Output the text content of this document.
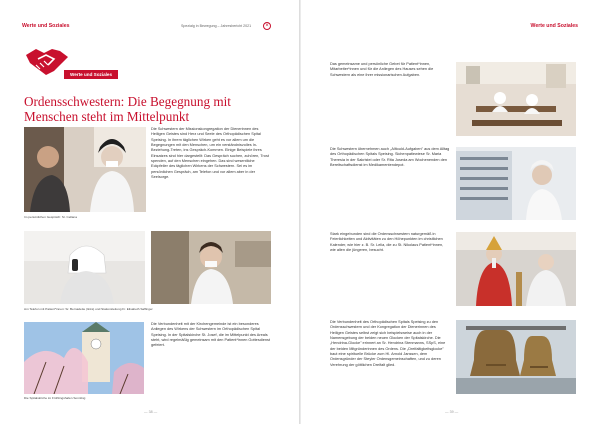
Werte und Soziales	Spezialg in Bewegung – Jahresbericht 2021	×
Werte und Soziales
Ordensschwestern: Die Begegnung mit Menschen steht im Mittelpunkt
Im persönlichen Gespräch: Sr. Cellana
Die Schwestern der Missionskongregation der Dienerinnen des Heiligen Geistes sind Herz und Seele des Orthopädischen Spital Speising. In ihrem täglichen Wirken geht es vor allem um die Begegnungen mit den Menschen, um ein verständnisvolles In-Beziehung-Treten, ins Gespräch-Kommen. Einige Beispiele ihres Einsatzes sind hier dargestellt: Das Gespräch suchen, zuhören, Trost spenden, auf den Menschen eingehen. Das sind wesentliche Eckpfeiler des täglichen Wirkens der Schwestern. Sei es im persönlichen Gespräch, am Telefon und vor allem aber in der Seelsorge.
Am Telefon mit Patient*innen: Sr. Bernadette (links) und Stationsleitung Fr. Elisabeth Saffinger
Die Spitalskirche im Frühlingshafen Sonnling
Die Verbundenheit mit der Kirchengemeinde ist ein besonderes Anliegen des Wirkens der Schwestern im Orthopädischen Spital Speising. In der Spitalskirche St. Josef, die im Mittelpunkt des Areals steht, wird regelmäßig gemeinsam mit den Patient*innen Gottesdienst gefeiert.
— 38 —
Werte und Soziales
Das gemeinsame und persönliche Gebet für Patient*innen, Mitarbeiter*innen und für die Anliegen des Hauses sehen die Schwestern als eine ihrer missionarischen Aufgaben.
Die Schwestern übernehmen auch „Alltould-Aufgaben" aus dem Alltag des Orthopädischen Spitals Speising. Sichenpatiewiese Sr. Maria Theresia in der Sakristei oder Sr. Rita Joseda am Wochenenden den Bereitschaftsdienst im Medikamentendepot.
Stark eingebunden sind die Ordensschwestern naturgemäß in Feierlichkeiten und Aktivitäten zu den Höhepunkten im christlichen Kalender, wie hier z. B. Sr. Lelia, die zu St. Nikolaus Patient*innen, wie allen die jüngeren, besucht.
Die Verbundenheit des Orthopädischen Spitals Speising zu den Ordensschwestern und der Kongregation der Dienerinnen des Heiligen Geistes selbst zeigt sich beispielsweise auch in der Namensgebung der beiden neuen Glocken der Spitalskirche. Die „Hendrina-Glocke" erinnert an Sr. Hendrina Stenmanns, SSpS, eine der beiden Mitgründerinnen des Ordens. Die „Dreifaltigkeitsglocke" baut eine spirituelle Brücke zum Hl. Arnold Janssen, dem Ordensgründer der Steyler Ordensgemeinschaften, und zu deren Verehrung der göttlichen Dreifalt glied.
— 39 —
